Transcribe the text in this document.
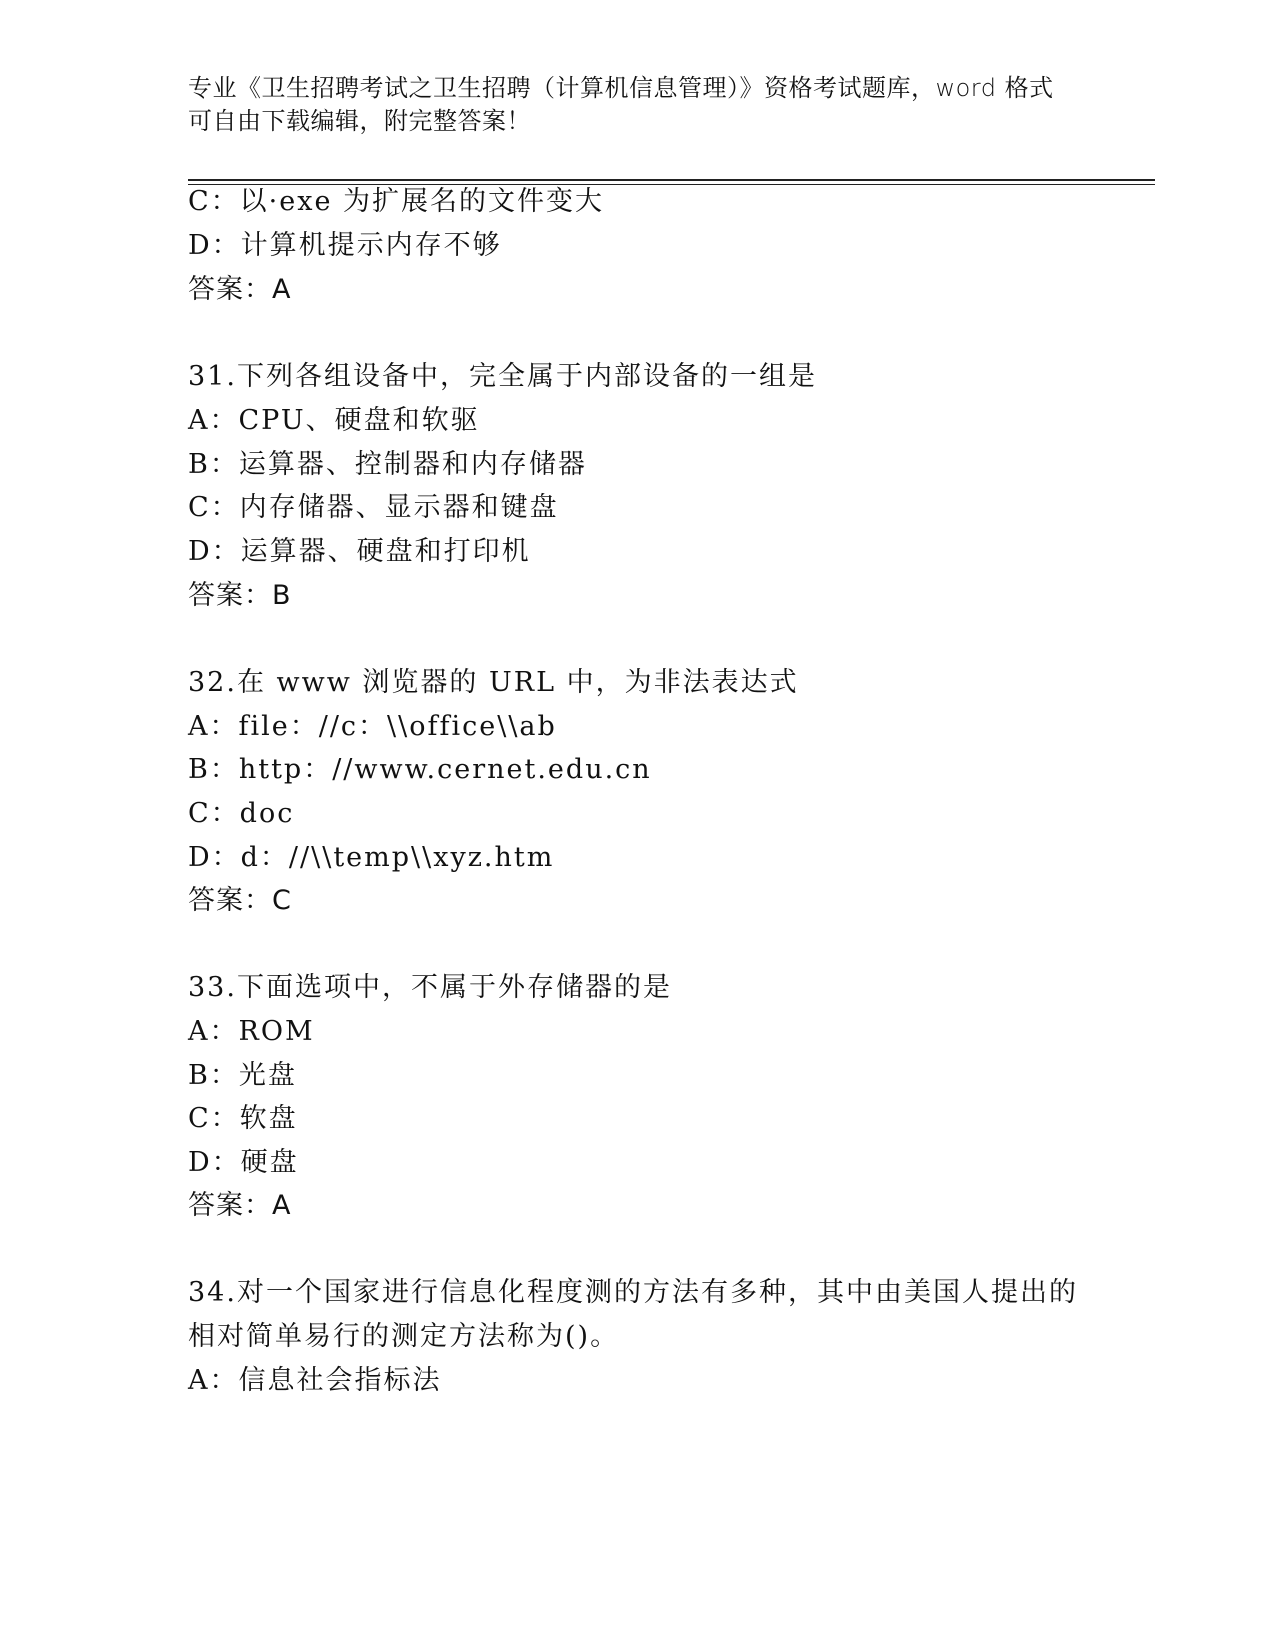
专业《卫生招聘考试之卫生招聘（计算机信息管理）》资格考试题库，word 格式
可自由下载编辑，附完整答案！
C：以·exe 为扩展名的文件变大
D：计算机提示内存不够
答案：A
31.下列各组设备中，完全属于内部设备的一组是
A：CPU、硬盘和软驱
B：运算器、控制器和内存储器
C：内存储器、显示器和键盘
D：运算器、硬盘和打印机
答案：B
32.在 www 浏览器的 URL 中，为非法表达式
A：file：//c：\\office\\ab
B：http：//www.cernet.edu.cn
C：doc
D：d：//\\temp\\xyz.htm
答案：C
33.下面选项中，不属于外存储器的是
A：ROM
B：光盘
C：软盘
D：硬盘
答案：A
34.对一个国家进行信息化程度测的方法有多种，其中由美国人提出的
相对简单易行的测定方法称为()。
A：信息社会指标法
